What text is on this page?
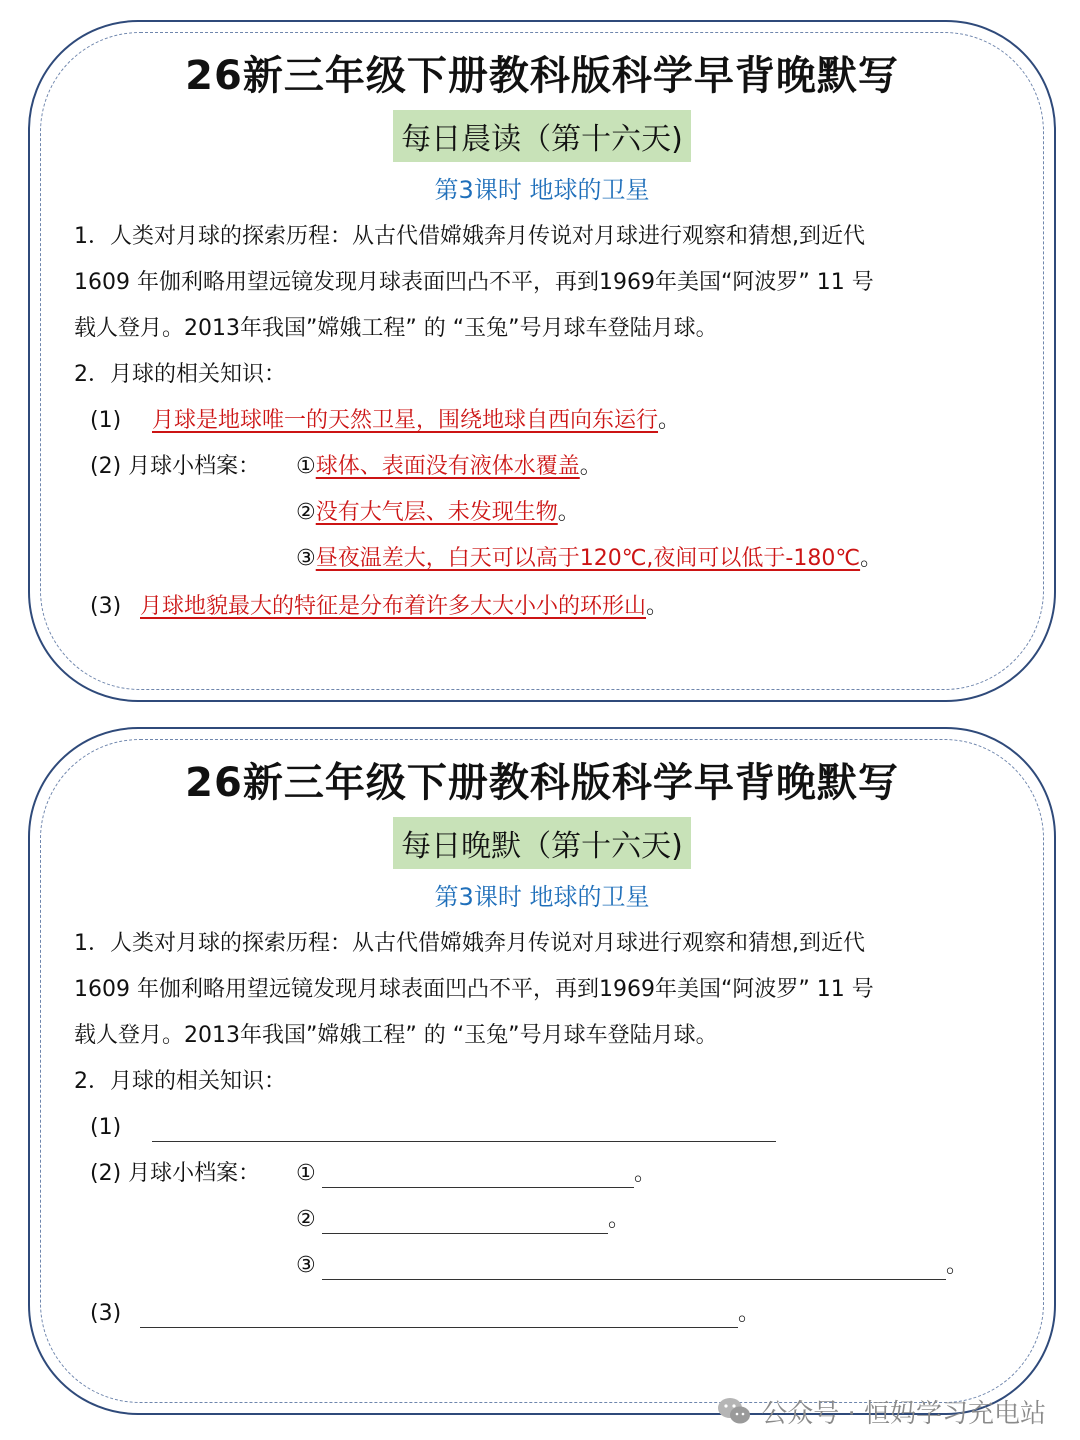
26新三年级下册教科版科学早背晚默写
每日晨读（第十六天)
第3课时 地球的卫星
1．人类对月球的探索历程：从古代借嫦娥奔月传说对月球进行观察和猜想,到近代
1609 年伽利略用望远镜发现月球表面凹凸不平，再到1969年美国“阿波罗” 11 号
载人登月。2013年我国”嫦娥工程” 的 “玉兔”号月球车登陆月球。
2．月球的相关知识：
(1) 月球是地球唯一的天然卫星，围绕地球自西向东运行。
(2) 月球小档案： ①球体、表面没有液体水覆盖。
②没有大气层、未发现生物。
③昼夜温差大，白天可以高于120℃,夜间可以低于-180℃。
(3) 月球地貌最大的特征是分布着许多大大小小的环形山。
26新三年级下册教科版科学早背晚默写
每日晚默（第十六天)
第3课时 地球的卫星
1．人类对月球的探索历程：从古代借嫦娥奔月传说对月球进行观察和猜想,到近代
1609 年伽利略用望远镜发现月球表面凹凸不平，再到1969年美国“阿波罗” 11 号
载人登月。2013年我国”嫦娥工程” 的 “玉兔”号月球车登陆月球。
2．月球的相关知识：
(1)
(2) 月球小档案： ①	。
②	。
③	。
(3)	。
公众号 · 恒妈学习充电站
